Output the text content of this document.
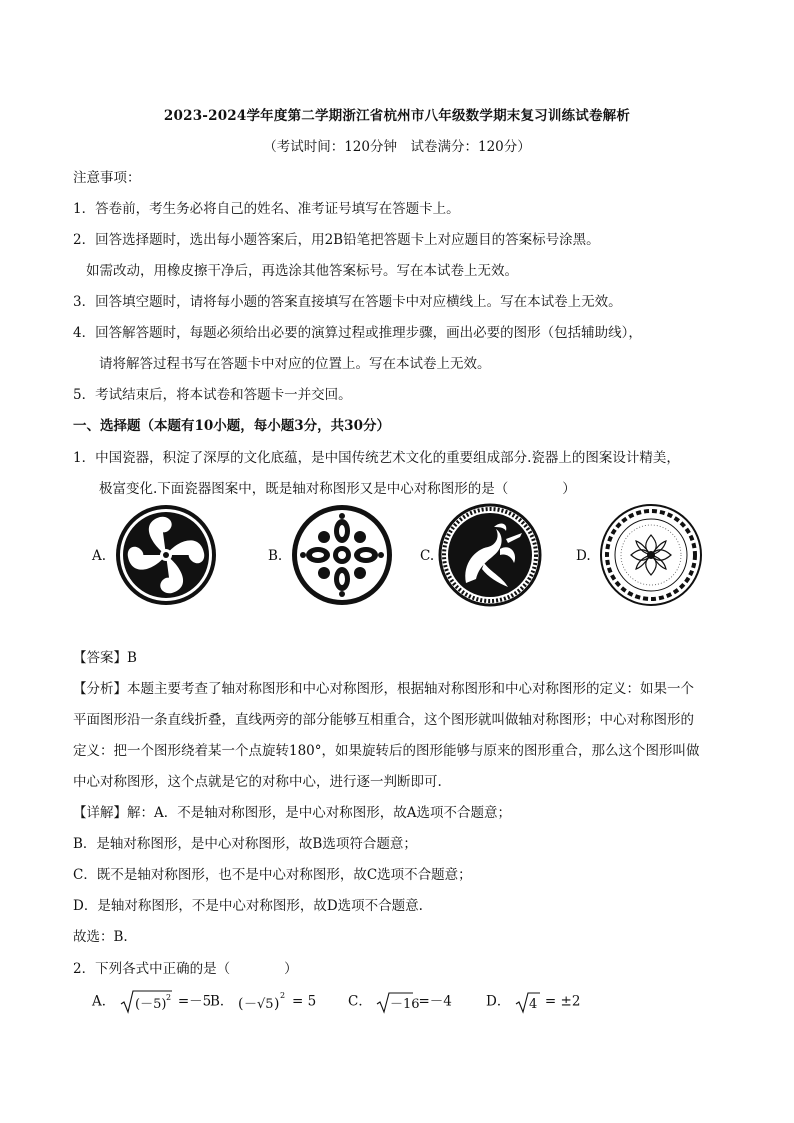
2023-2024学年度第二学期浙江省杭州市八年级数学期末复习训练试卷解析
（考试时间：120分钟　试卷满分：120分）
注意事项：
1．答卷前，考生务必将自己的姓名、准考证号填写在答题卡上。
2．回答选择题时，选出每小题答案后，用2B铅笔把答题卡上对应题目的答案标号涂黑。
如需改动，用橡皮擦干净后，再选涂其他答案标号。写在本试卷上无效。
3．回答填空题时，请将每小题的答案直接填写在答题卡中对应横线上。写在本试卷上无效。
4．回答解答题时，每题必须给出必要的演算过程或推理步骤，画出必要的图形（包括辅助线），
请将解答过程书写在答题卡中对应的位置上。写在本试卷上无效。
5．考试结束后，将本试卷和答题卡一并交回。
一、选择题（本题有10小题，每小题3分，共30分）
1．中国瓷器，积淀了深厚的文化底蕴，是中国传统艺术文化的重要组成部分.瓷器上的图案设计精美，
极富变化.下面瓷器图案中，既是轴对称图形又是中心对称图形的是（　　　　）
A.	B.	C.	D.
【答案】B
【分析】本题主要考查了轴对称图形和中心对称图形，根据轴对称图形和中心对称图形的定义：如果一个
平面图形沿一条直线折叠，直线两旁的部分能够互相重合，这个图形就叫做轴对称图形；中心对称图形的
定义：把一个图形绕着某一个点旋转180°，如果旋转后的图形能够与原来的图形重合，那么这个图形叫做
中心对称图形，这个点就是它的对称中心，进行逐一判断即可.
【详解】解：A．不是轴对称图形，是中心对称图形，故A选项不合题意；
B．是轴对称图形，是中心对称图形，故B选项符合题意；
C．既不是轴对称图形，也不是中心对称图形，故C选项不合题意；
D．是轴对称图形，不是中心对称图形，故D选项不合题意.
故选：B.
2．下列各式中正确的是（　　　　）
A． (－5) 2 =－5
B． ( －√5 )
2 = 5 C． －16
=－4	D． 4 = ±2
